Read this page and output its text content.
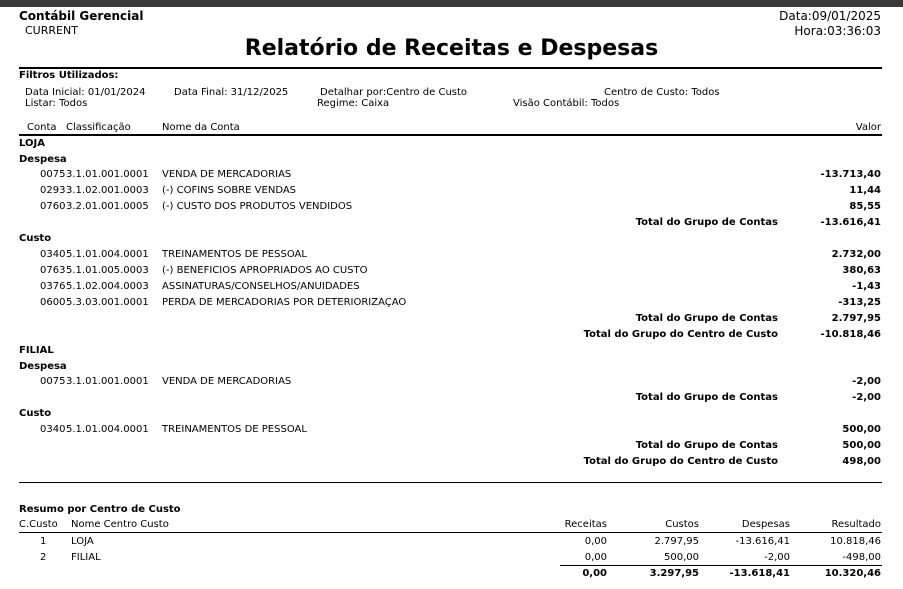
Contábil Gerencial
CURRENT
Data:09/01/2025
Hora:03:36:03
Relatório de Receitas e Despesas
Filtros Utilizados:
Data Inicial: 01/01/2024	Data Final: 31/12/2025	Detalhar por:Centro de Custo	Centro de Custo: Todos
Listar: Todos	Regime: Caixa	Visão Contábil: Todos
Conta Classificação	Nome da Conta	Valor
LOJA
Despesa
0075 3.1.01.001.0001 VENDA DE MERCADORIAS	-13.713,40
0293 3.1.02.001.0003 (-) COFINS SOBRE VENDAS	11,44
0760 3.2.01.001.0005 (-) CUSTO DOS PRODUTOS VENDIDOS	85,55
Total do Grupo de Contas	-13.616,41
Custo
0340 5.1.01.004.0001 TREINAMENTOS DE PESSOAL	2.732,00
0763 5.1.01.005.0003 (-) BENEFICIOS APROPRIADOS AO CUSTO	380,63
0376 5.1.02.004.0003 ASSINATURAS/CONSELHOS/ANUIDADES	-1,43
0600 5.3.03.001.0001 PERDA DE MERCADORIAS POR DETERIORIZAÇAO	-313,25
Total do Grupo de Contas	2.797,95
Total do Grupo do Centro de Custo	-10.818,46
FILIAL
Despesa
0075 3.1.01.001.0001 VENDA DE MERCADORIAS	-2,00
Total do Grupo de Contas	-2,00
Custo
0340 5.1.01.004.0001 TREINAMENTOS DE PESSOAL	500,00
Total do Grupo de Contas	500,00
Total do Grupo do Centro de Custo	498,00
Resumo por Centro de Custo
C.Custo Nome Centro Custo	Receitas	Custos	Despesas	Resultado
1 LOJA	0,00	2.797,95	-13.616,41	10.818,46
2 FILIAL	0,00	500,00	-2,00	-498,00
0,00	3.297,95	-13.618,41	10.320,46
